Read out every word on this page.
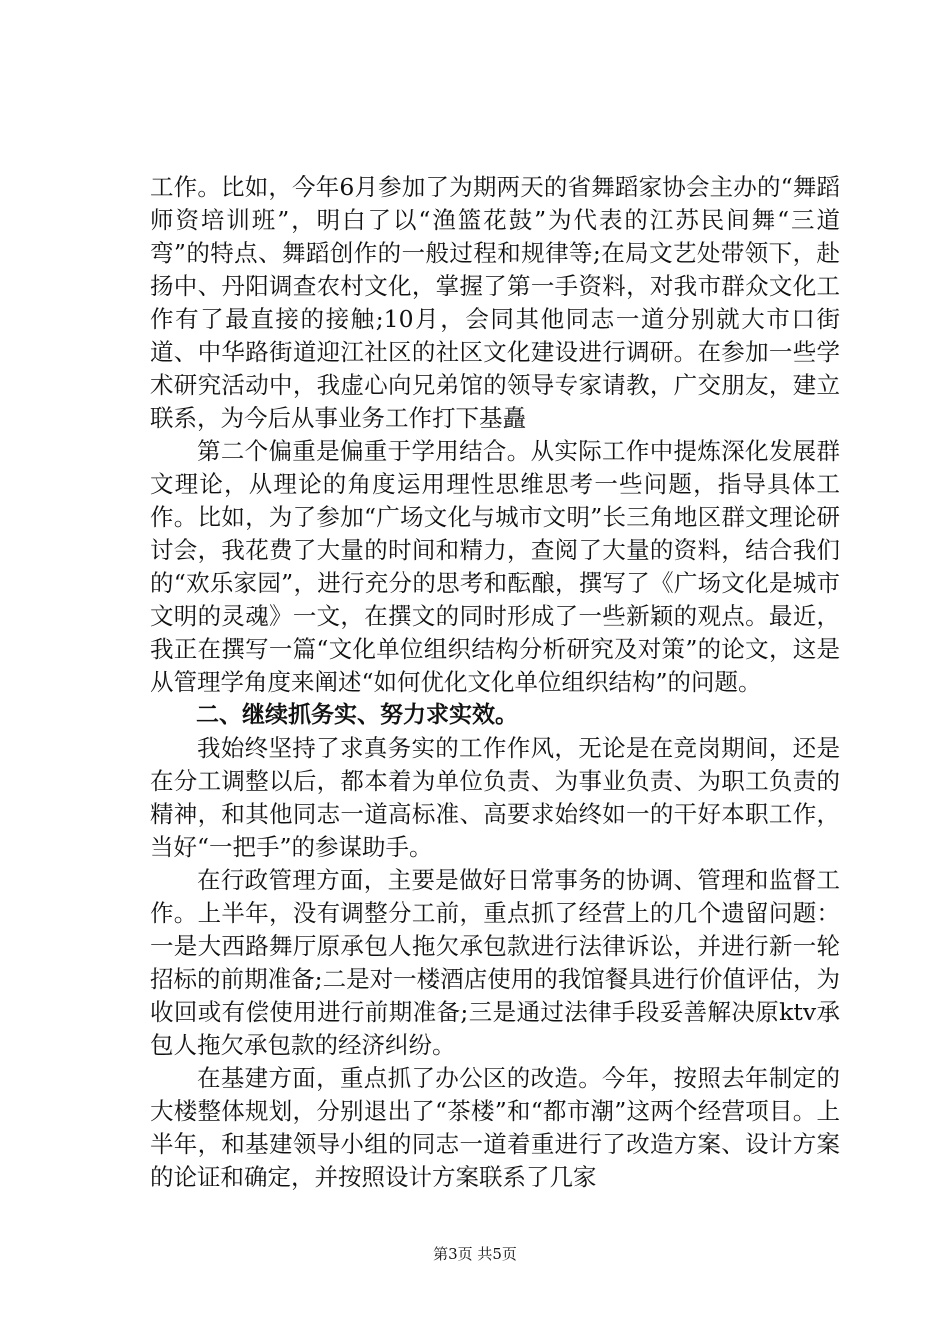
工作。比如，今年6月参加了为期两天的省舞蹈家协会主办的“舞蹈师资培训班”，明白了以“渔篮花鼓”为代表的江苏民间舞“三道弯”的特点、舞蹈创作的一般过程和规律等;在局文艺处带领下，赴扬中、丹阳调查农村文化，掌握了第一手资料，对我市群众文化工作有了最直接的接触;10月，会同其他同志一道分别就大市口街道、中华路街道迎江社区的社区文化建设进行调研。在参加一些学术研究活动中，我虚心向兄弟馆的领导专家请教，广交朋友，建立联系，为今后从事业务工作打下基矗

第二个偏重是偏重于学用结合。从实际工作中提炼深化发展群文理论，从理论的角度运用理性思维思考一些问题，指导具体工作。比如，为了参加“广场文化与城市文明”长三角地区群文理论研讨会，我花费了大量的时间和精力，查阅了大量的资料，结合我们的“欢乐家园”，进行充分的思考和酝酿，撰写了《广场文化是城市文明的灵魂》一文，在撰文的同时形成了一些新颖的观点。最近，我正在撰写一篇“文化单位组织结构分析研究及对策”的论文，这是从管理学角度来阐述“如何优化文化单位组织结构”的问题。

二、继续抓务实、努力求实效。

我始终坚持了求真务实的工作作风，无论是在竞岗期间，还是在分工调整以后，都本着为单位负责、为事业负责、为职工负责的精神，和其他同志一道高标准、高要求始终如一的干好本职工作，当好“一把手”的参谋助手。

在行政管理方面，主要是做好日常事务的协调、管理和监督工作。上半年，没有调整分工前，重点抓了经营上的几个遗留问题：一是大西路舞厅原承包人拖欠承包款进行法律诉讼，并进行新一轮招标的前期准备;二是对一楼酒店使用的我馆餐具进行价值评估，为收回或有偿使用进行前期准备;三是通过法律手段妥善解决原ktv承包人拖欠承包款的经济纠纷。

在基建方面，重点抓了办公区的改造。今年，按照去年制定的大楼整体规划，分别退出了“茶楼”和“都市潮”这两个经营项目。上半年，和基建领导小组的同志一道着重进行了改造方案、设计方案的论证和确定，并按照设计方案联系了几家

第3页 共5页
